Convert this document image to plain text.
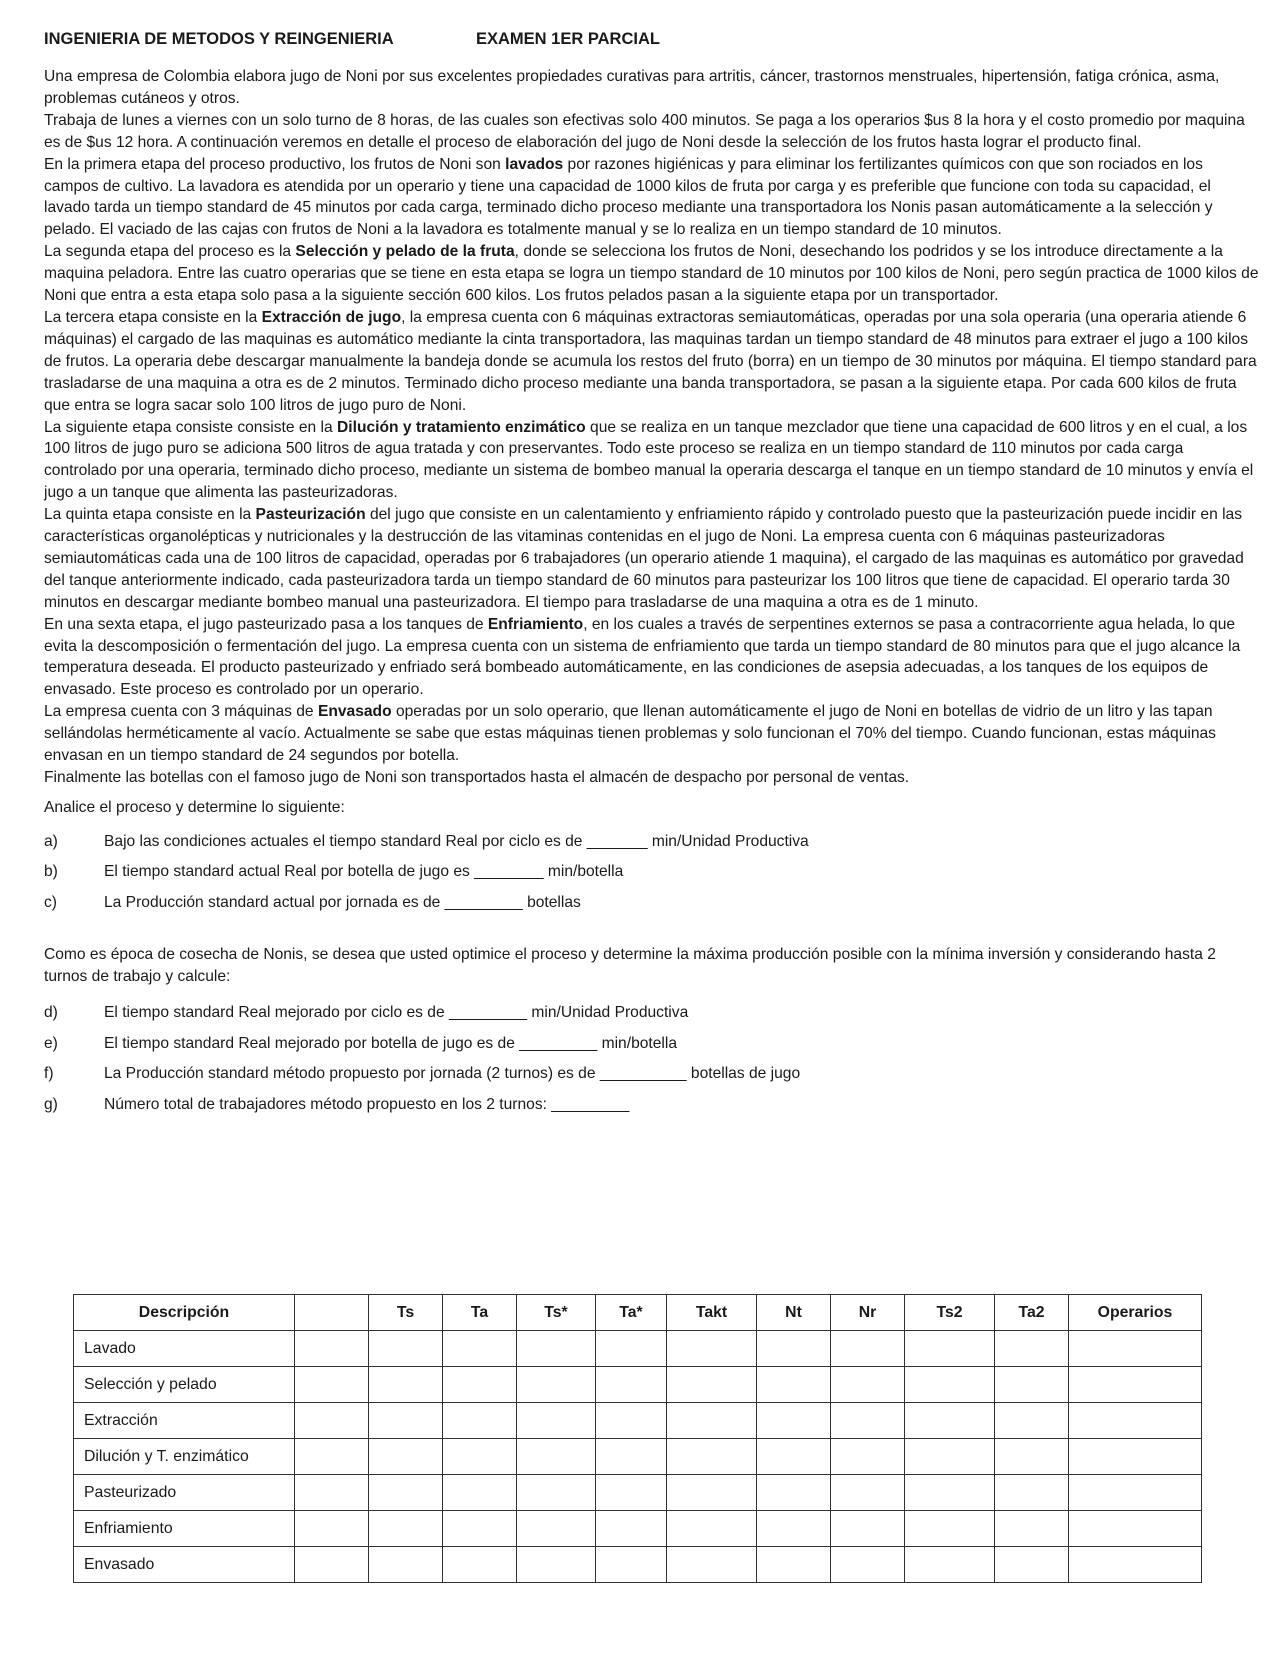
INGENIERIA DE METODOS Y REINGENIERIA	EXAMEN 1ER PARCIAL

Una empresa de Colombia elabora jugo de Noni por sus excelentes propiedades curativas para artritis, cáncer, trastornos menstruales, hipertensión, fatiga crónica, asma, problemas cutáneos y otros.

Trabaja de lunes a viernes con un solo turno de 8 horas, de las cuales son efectivas solo 400 minutos. Se paga a los operarios $us 8 la hora y el costo promedio por maquina es de $us 12 hora. A continuación veremos en detalle el proceso de elaboración del jugo de Noni desde la selección de los frutos hasta lograr el producto final.

En la primera etapa del proceso productivo, los frutos de Noni son lavados por razones higiénicas y para eliminar los fertilizantes químicos con que son rociados en los campos de cultivo. La lavadora es atendida por un operario y tiene una capacidad de 1000 kilos de fruta por carga y es preferible que funcione con toda su capacidad, el lavado tarda un tiempo standard de 45 minutos por cada carga, terminado dicho proceso mediante una transportadora los Nonis pasan automáticamente a la selección y pelado. El vaciado de las cajas con frutos de Noni a la lavadora es totalmente manual y se lo realiza en un tiempo standard de 10 minutos.

La segunda etapa del proceso es la Selección y pelado de la fruta, donde se selecciona los frutos de Noni, desechando los podridos y se los introduce directamente a la maquina peladora. Entre las cuatro operarias que se tiene en esta etapa se logra un tiempo standard de 10 minutos por 100 kilos de Noni, pero según practica de 1000 kilos de Noni que entra a esta etapa solo pasa a la siguiente sección 600 kilos. Los frutos pelados pasan a la siguiente etapa por un transportador.

La tercera etapa consiste en la Extracción de jugo, la empresa cuenta con 6 máquinas extractoras semiautomáticas, operadas por una sola operaria (una operaria atiende 6 máquinas) el cargado de las maquinas es automático mediante la cinta transportadora, las maquinas tardan un tiempo standard de 48 minutos para extraer el jugo a 100 kilos de frutos. La operaria debe descargar manualmente la bandeja donde se acumula los restos del fruto (borra) en un tiempo de 30 minutos por máquina. El tiempo standard para trasladarse de una maquina a otra es de 2 minutos. Terminado dicho proceso mediante una banda transportadora, se pasan a la siguiente etapa. Por cada 600 kilos de fruta que entra se logra sacar solo 100 litros de jugo puro de Noni.

La siguiente etapa consiste consiste en la Dilución y tratamiento enzimático que se realiza en un tanque mezclador que tiene una capacidad de 600 litros y en el cual, a los 100 litros de jugo puro se adiciona 500 litros de agua tratada y con preservantes. Todo este proceso se realiza en un tiempo standard de 110 minutos por cada carga controlado por una operaria, terminado dicho proceso, mediante un sistema de bombeo manual la operaria descarga el tanque en un tiempo standard de 10 minutos y envía el jugo a un tanque que alimenta las pasteurizadoras.

La quinta etapa consiste en la Pasteurización del jugo que consiste en un calentamiento y enfriamiento rápido y controlado puesto que la pasteurización puede incidir en las características organolépticas y nutricionales y la destrucción de las vitaminas contenidas en el jugo de Noni. La empresa cuenta con 6 máquinas pasteurizadoras semiautomáticas cada una de 100 litros de capacidad, operadas por 6 trabajadores (un operario atiende 1 maquina), el cargado de las maquinas es automático por gravedad del tanque anteriormente indicado, cada pasteurizadora tarda un tiempo standard de 60 minutos para pasteurizar los 100 litros que tiene de capacidad. El operario tarda 30 minutos en descargar mediante bombeo manual una pasteurizadora. El tiempo para trasladarse de una maquina a otra es de 1 minuto.

En una sexta etapa, el jugo pasteurizado pasa a los tanques de Enfriamiento, en los cuales a través de serpentines externos se pasa a contracorriente agua helada, lo que evita la descomposición o fermentación del jugo. La empresa cuenta con un sistema de enfriamiento que tarda un tiempo standard de 80 minutos para que el jugo alcance la temperatura deseada. El producto pasteurizado y enfriado será bombeado automáticamente, en las condiciones de asepsia adecuadas, a los tanques de los equipos de envasado. Este proceso es controlado por un operario.

La empresa cuenta con 3 máquinas de Envasado operadas por un solo operario, que llenan automáticamente el jugo de Noni en botellas de vidrio de un litro y las tapan sellándolas herméticamente al vacío. Actualmente se sabe que estas máquinas tienen problemas y solo funcionan el 70% del tiempo. Cuando funcionan, estas máquinas envasan en un tiempo standard de 24 segundos por botella.

Finalmente las botellas con el famoso jugo de Noni son transportados hasta el almacén de despacho por personal de ventas.

Analice el proceso y determine lo siguiente:
a)	Bajo las condiciones actuales el tiempo standard Real por ciclo es de _______ min/Unidad Productiva
b)	El tiempo standard actual Real por botella de jugo es ________ min/botella
c)	La Producción standard actual por jornada es de _________ botellas
Como es época de cosecha de Nonis, se desea que usted optimice el proceso y determine la máxima producción posible con la mínima inversión y considerando hasta 2 turnos de trabajo y calcule:
d)	El tiempo standard Real mejorado por ciclo es de _________ min/Unidad Productiva
e)	El tiempo standard Real mejorado por botella de jugo es de _________ min/botella
f)	La Producción standard método propuesto por jornada (2 turnos) es de __________ botellas de jugo
g)	Número total de trabajadores método propuesto en los 2 turnos: _________
Descripción		Ts	Ta	Ts*	Ta*	Takt	Nt	Nr	Ts2	Ta2	Operarios
Lavado											
Selección y pelado											
Extracción											
Dilución y T. enzimático											
Pasteurizado											
Enfriamiento											
Envasado											
